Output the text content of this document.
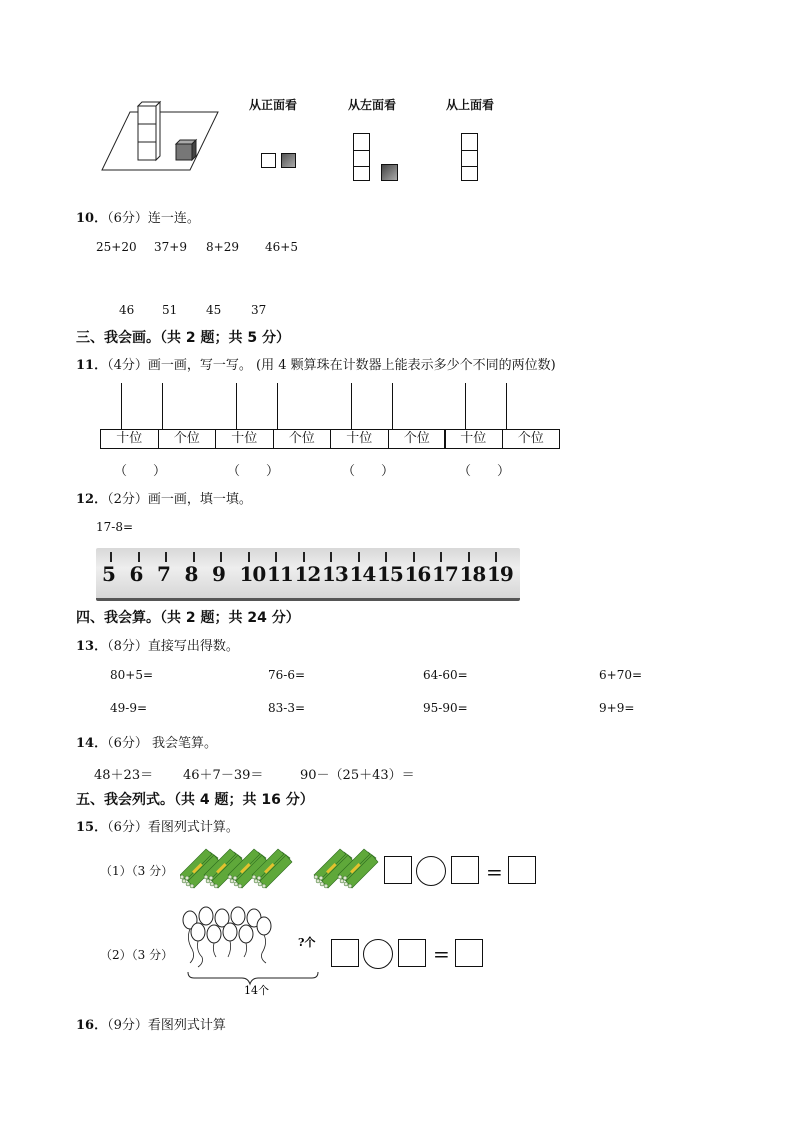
从正面看	从左面看	从上面看
10．（6分）连一连。
25+20 37+9 8+29 46+5
46 51 45 37
三、我会画。（共 2 题；共 5 分）
11．（4分）画一画，写一写。 (用 4 颗算珠在计数器上能表示多少个不同的两位数)
十位	个位
（　　）
十位	个位
（　　）
十位	个位
（　　）
十位	个位
（　　）
12．（2分）画一画，填一填。
17-8=
5 6 7 8 9 10 11 12 13 14 15 16 17 18 19
四、我会算。（共 2 题；共 24 分）
13．（8分）直接写出得数。
80+5=	76-6=	64-60=	6+70=
49-9=	83-3=	95-90=	9+9=
14．（6分） 我会笔算。
48＋23＝ 46＋7－39＝	90－（25＋43）＝
五、我会列式。（共 4 题；共 16 分）
15．（6分）看图列式计算。
（1）（3 分）	=
（2）（3 分）
?个
14个
=
16．（9分）看图列式计算
